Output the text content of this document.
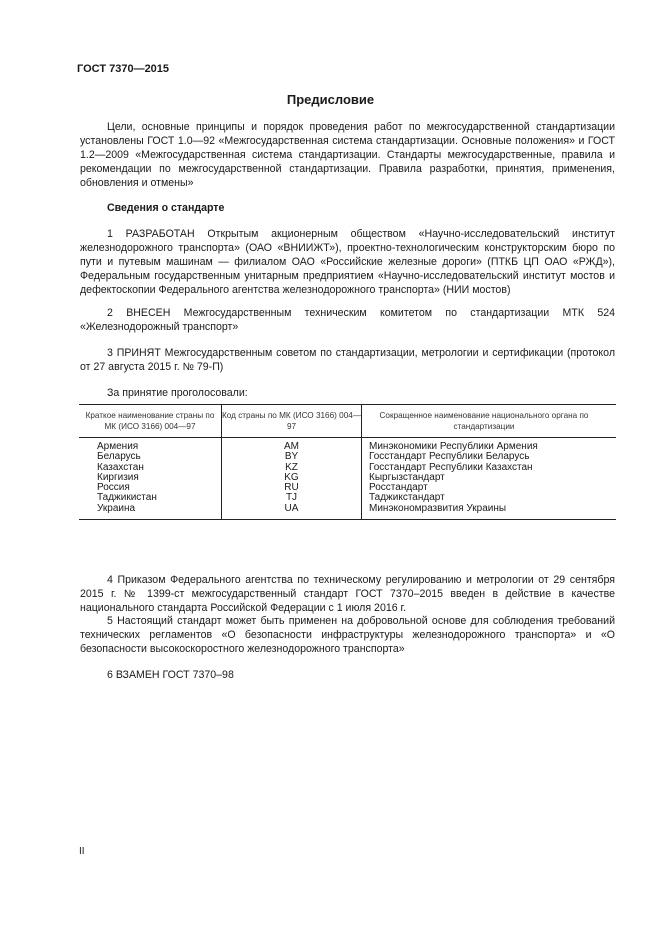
ГОСТ 7370—2015
Предисловие
Цели, основные принципы и порядок проведения работ по межгосударственной стандартизации установлены ГОСТ 1.0—92 «Межгосударственная система стандартизации. Основные положения» и ГОСТ 1.2—2009 «Межгосударственная система стандартизации. Стандарты межгосударственные, правила и рекомендации по межгосударственной стандартизации. Правила разработки, принятия, применения, обновления и отмены»
Сведения о стандарте
1 РАЗРАБОТАН Открытым акционерным обществом «Научно-исследовательский институт железнодорожного транспорта» (ОАО «ВНИИЖТ»), проектно-технологическим конструкторским бюро по пути и путевым машинам — филиалом ОАО «Российские железные дороги» (ПТКБ ЦП ОАО «РЖД»), Федеральным государственным унитарным предприятием «Научно-исследовательский институт мостов и дефектоскопии Федерального агентства железнодорожного транспорта» (НИИ мостов)
2 ВНЕСЕН Межгосударственным техническим комитетом по стандартизации МТК 524 «Железнодорожный транспорт»
3 ПРИНЯТ Межгосударственным советом по стандартизации, метрологии и сертификации (протокол от 27 августа 2015 г. № 79-П)
За принятие проголосовали:
Краткое наименование страны по МК (ИСО 3166) 004—97
Код страны по МК (ИСО 3166) 004—97
Сокращенное наименование национального органа по стандартизации
Армения
Беларусь
Казахстан
Киргизия
Россия
Таджикистан
Украина
AM
BY
KZ
KG
RU
TJ
UA
Минэкономики Республики Армения
Госстандарт Республики Беларусь
Госстандарт Республики Казахстан
Кыргызстандарт
Росстандарт
Таджикстандарт
Минэкономразвития Украины
4 Приказом Федерального агентства по техническому регулированию и метрологии от 29 сентября 2015 г. № 1399-ст межгосударственный стандарт ГОСТ 7370–2015 введен в действие в качестве национального стандарта Российской Федерации с 1 июля 2016 г.
5 Настоящий стандарт может быть применен на добровольной основе для соблюдения требований технических регламентов «О безопасности инфраструктуры железнодорожного транспорта» и «О безопасности высокоскоростного железнодорожного транспорта»
6 ВЗАМЕН ГОСТ 7370–98
II
